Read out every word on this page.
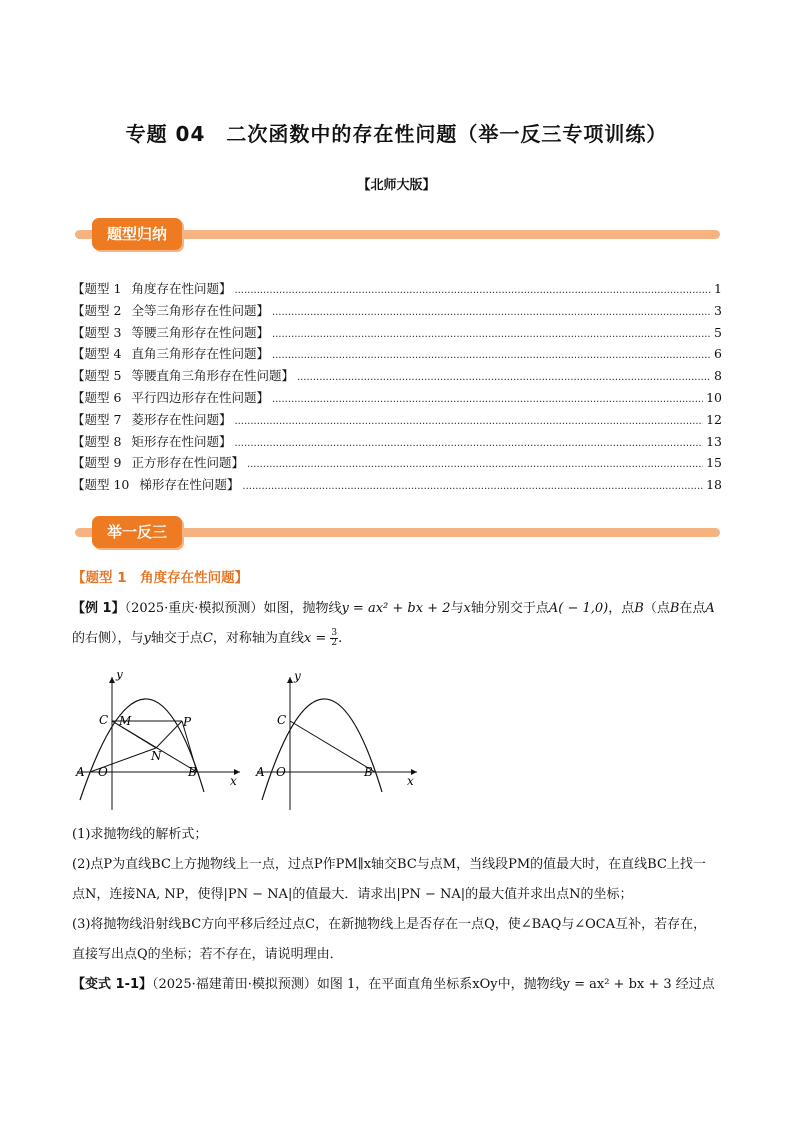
专题 04　二次函数中的存在性问题（举一反三专项训练）
【北师大版】
题型归纳
【题型 1 角度存在性问题】 .....	1
【题型 2 全等三角形存在性问题】 .....	3
【题型 3 等腰三角形存在性问题】 .....	5
【题型 4 直角三角形存在性问题】 .....	6
【题型 5 等腰直角三角形存在性问题】 .....	8
【题型 6 平行四边形存在性问题】 .....	10
【题型 7 菱形存在性问题】 .....	12
【题型 8 矩形存在性问题】 .....	13
【题型 9 正方形存在性问题】 .....	15
【题型 10 梯形存在性问题】 .....	18
举一反三
【题型 1　角度存在性问题】
【例 1】（2025·重庆·模拟预测）如图，抛物线y = ax² + bx + 2与x轴分别交于点A( − 1,0)，点B（点B在点A
的右侧），与y轴交于点C，对称轴为直线$x = \frac{3}{2}$ .
y
x
C M	P
N
A O	B
y
x
C
A O	B
(1)求抛物线的解析式；
(2)点P为直线BC上方抛物线上一点，过点P作PM∥x轴交BC与点M，当线段PM的值最大时，在直线BC上找一
点N，连接NA, NP，使得|PN − NA|的值最大．请求出|PN − NA|的最大值并求出点N的坐标；
(3)将抛物线沿射线BC方向平移后经过点C，在新抛物线上是否存在一点Q，使∠BAQ与∠OCA互补，若存在，
直接写出点Q的坐标；若不存在，请说明理由．
【变式 1-1】（2025·福建莆田·模拟预测）如图 1，在平面直角坐标系xOy中，抛物线y = ax² + bx + 3 经过点
